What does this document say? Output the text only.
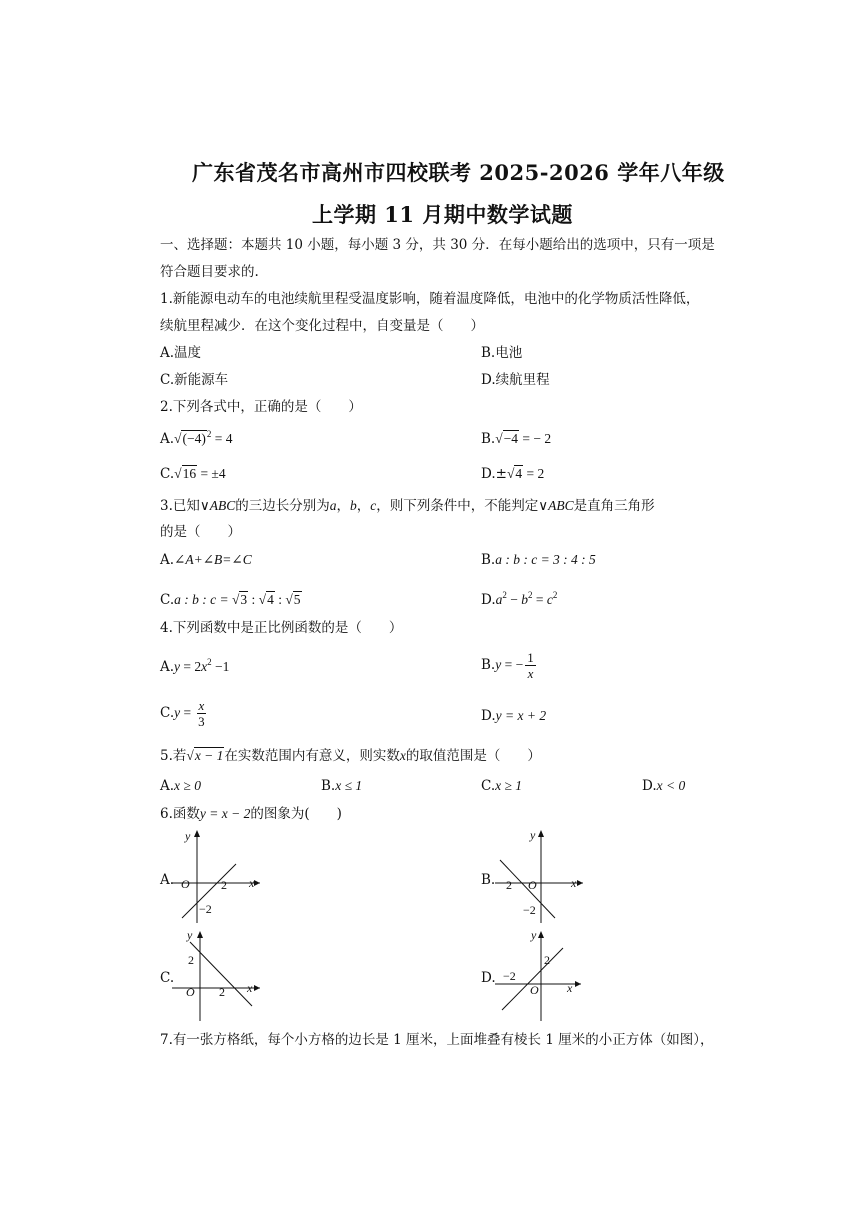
广东省茂名市高州市四校联考 2025-2026 学年八年级
上学期 11 月期中数学试题
一、选择题：本题共 10 小题，每小题 3 分，共 30 分．在每小题给出的选项中，只有一项是
符合题目要求的.
1.新能源电动车的电池续航里程受温度影响，随着温度降低，电池中的化学物质活性降低，
续航里程减少．在这个变化过程中，自变量是（　　）
A.温度	B.电池
C.新能源车	D.续航里程
2.下列各式中，正确的是（　　）
$A.√(-4)^2 = 4$	B.√−4 = − 2
C.√16 = ±4	D.±√4 = 2
3.已知∨ABC的三边长分别为a，b，c，则下列条件中，不能判定∨ABC是直角三角形
的是（　　）
A.∠A+∠B=∠C	B.a : b : c = 3 : 4 : 5
C.a : b : c = √3 : √4 : √5	$D.a^2 - b^2 = c^2$
4.下列函数中是正比例函数的是（　　）
$A.y = 2x^2 -1$	B.y = − $\frac{1}{x}$
$C.y = \frac{x}{3}$	D.y = x + 2
5.若√x − 1在实数范围内有意义，则实数x的取值范围是（　　）
A.x ≥ 0	B.x ≤ 1	C.x ≥ 1	D.x < 0
6.函数y = x − 2的图象为(　　)
A.	B.
C.	D.
y
x
O	2
−2
y
x
O
2
−2
y
x
O
2
2
y
x
O
2
−2
7.有一张方格纸，每个小方格的边长是 1 厘米，上面堆叠有棱长 1 厘米的小正方体（如图），
